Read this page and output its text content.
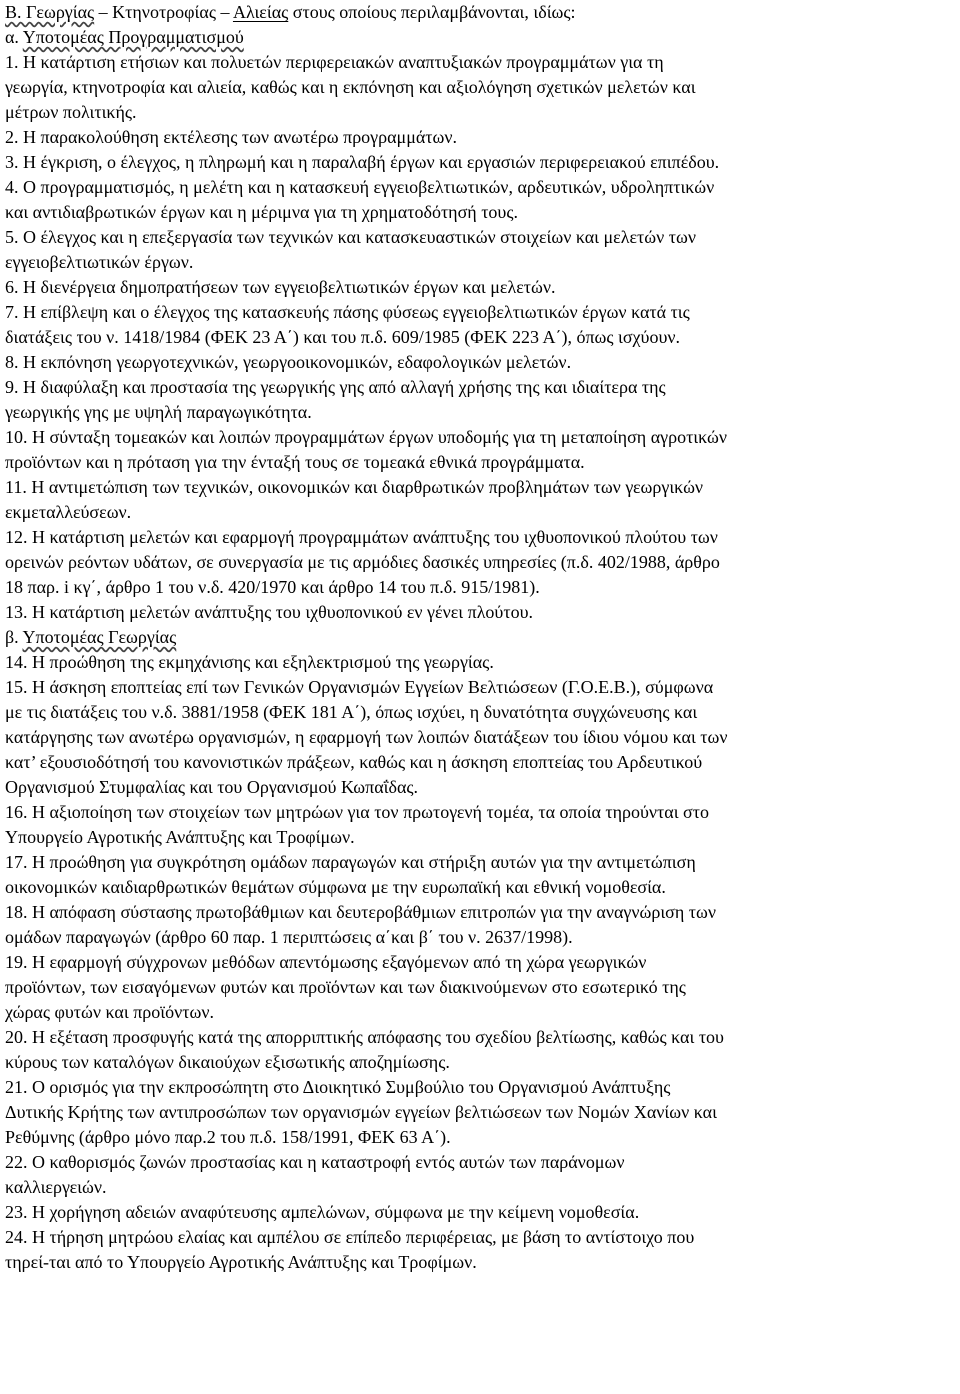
Β. Γεωργίας – Κτηνοτροφίας – Αλιείας στους οποίους περιλαμβάνονται, ιδίως:
α. Υποτομέας Προγραμματισμού
1. Η κατάρτιση ετήσιων και πολυετών περιφερειακών αναπτυξιακών προγραμμάτων για τη
γεωργία, κτηνοτροφία και αλιεία, καθώς και η εκπόνηση και αξιολόγηση σχετικών μελετών και
μέτρων πολιτικής.
2. Η παρακολούθηση εκτέλεσης των ανωτέρω προγραμμάτων.
3. Η έγκριση, ο έλεγχος, η πληρωμή και η παραλαβή έργων και εργασιών περιφερειακού επιπέδου.
4. Ο προγραμματισμός, η μελέτη και η κατασκευή εγγειοβελτιωτικών, αρδευτικών, υδροληπτικών
και αντιδιαβρωτικών έργων και η μέριμνα για τη χρηματοδότησή τους.
5. Ο έλεγχος και η επεξεργασία των τεχνικών και κατασκευαστικών στοιχείων και μελετών των
εγγειοβελτιωτικών έργων.
6. Η διενέργεια δημοπρατήσεων των εγγειοβελτιωτικών έργων και μελετών.
7. Η επίβλεψη και ο έλεγχος της κατασκευής πάσης φύσεως εγγειοβελτιωτικών έργων κατά τις
διατάξεις του ν. 1418/1984 (ΦΕΚ 23 Α΄) και του π.δ. 609/1985 (ΦΕΚ 223 Α΄), όπως ισχύουν.
8. Η εκπόνηση γεωργοτεχνικών, γεωργοοικονομικών, εδαφολογικών μελετών.
9. Η διαφύλαξη και προστασία της γεωργικής γης από αλλαγή χρήσης της και ιδιαίτερα της
γεωργικής γης με υψηλή παραγωγικότητα.
10. Η σύνταξη τομεακών και λοιπών προγραμμάτων έργων υποδομής για τη μεταποίηση αγροτικών
προϊόντων και η πρόταση για την ένταξή τους σε τομεακά εθνικά προγράμματα.
11. Η αντιμετώπιση των τεχνικών, οικονομικών και διαρθρωτικών προβλημάτων των γεωργικών
εκμεταλλεύσεων.
12. Η κατάρτιση μελετών και εφαρμογή προγραμμάτων ανάπτυξης του ιχθυοπονικού πλούτου των
ορεινών ρεόντων υδάτων, σε συνεργασία με τις αρμόδιες δασικές υπηρεσίες (π.δ. 402/1988, άρθρο
18 παρ. i κγ΄, άρθρο 1 του ν.δ. 420/1970 και άρθρο 14 του π.δ. 915/1981).
13. Η κατάρτιση μελετών ανάπτυξης του ιχθυοπονικού εν γένει πλούτου.
β. Υποτομέας Γεωργίας
14. Η προώθηση της εκμηχάνισης και εξηλεκτρισμού της γεωργίας.
15. Η άσκηση εποπτείας επί των Γενικών Οργανισμών Εγγείων Βελτιώσεων (Γ.Ο.Ε.Β.), σύμφωνα
με τις διατάξεις του ν.δ. 3881/1958 (ΦΕΚ 181 Α΄), όπως ισχύει, η δυνατότητα συγχώνευσης και
κατάργησης των ανωτέρω οργανισμών, η εφαρμογή των λοιπών διατάξεων του ίδιου νόμου και των
κατ’ εξουσιοδότησή του κανονιστικών πράξεων, καθώς και η άσκηση εποπτείας του Αρδευτικού
Οργανισμού Στυμφαλίας και του Οργανισμού Κωπαΐδας.
16. Η αξιοποίηση των στοιχείων των μητρώων για τον πρωτογενή τομέα, τα οποία τηρούνται στο
Υπουργείο Αγροτικής Ανάπτυξης και Τροφίμων.
17. Η προώθηση για συγκρότηση ομάδων παραγωγών και στήριξη αυτών για την αντιμετώπιση
οικονομικών καιδιαρθρωτικών θεμάτων σύμφωνα με την ευρωπαϊκή και εθνική νομοθεσία.
18. Η απόφαση σύστασης πρωτοβάθμιων και δευτεροβάθμιων επιτροπών για την αναγνώριση των
ομάδων παραγωγών (άρθρο 60 παρ. 1 περιπτώσεις α΄και β΄ του ν. 2637/1998).
19. Η εφαρμογή σύγχρονων μεθόδων απεντόμωσης εξαγόμενων από τη χώρα γεωργικών
προϊόντων, των εισαγόμενων φυτών και προϊόντων και των διακινούμενων στο εσωτερικό της
χώρας φυτών και προϊόντων.
20. Η εξέταση προσφυγής κατά της απορριπτικής απόφασης του σχεδίου βελτίωσης, καθώς και του
κύρους των καταλόγων δικαιούχων εξισωτικής αποζημίωσης.
21. Ο ορισμός για την εκπροσώπητη στο Διοικητικό Συμβούλιο του Οργανισμού Ανάπτυξης
Δυτικής Κρήτης των αντιπροσώπων των οργανισμών εγγείων βελτιώσεων των Νομών Χανίων και
Ρεθύμνης (άρθρο μόνο παρ.2 του π.δ. 158/1991, ΦΕΚ 63 Α΄).
22. Ο καθορισμός ζωνών προστασίας και η καταστροφή εντός αυτών των παράνομων
καλλιεργειών.
23. Η χορήγηση αδειών αναφύτευσης αμπελώνων, σύμφωνα με την κείμενη νομοθεσία.
24. Η τήρηση μητρώου ελαίας και αμπέλου σε επίπεδο περιφέρειας, με βάση το αντίστοιχο που
τηρεί-ται από το Υπουργείο Αγροτικής Ανάπτυξης και Τροφίμων.
